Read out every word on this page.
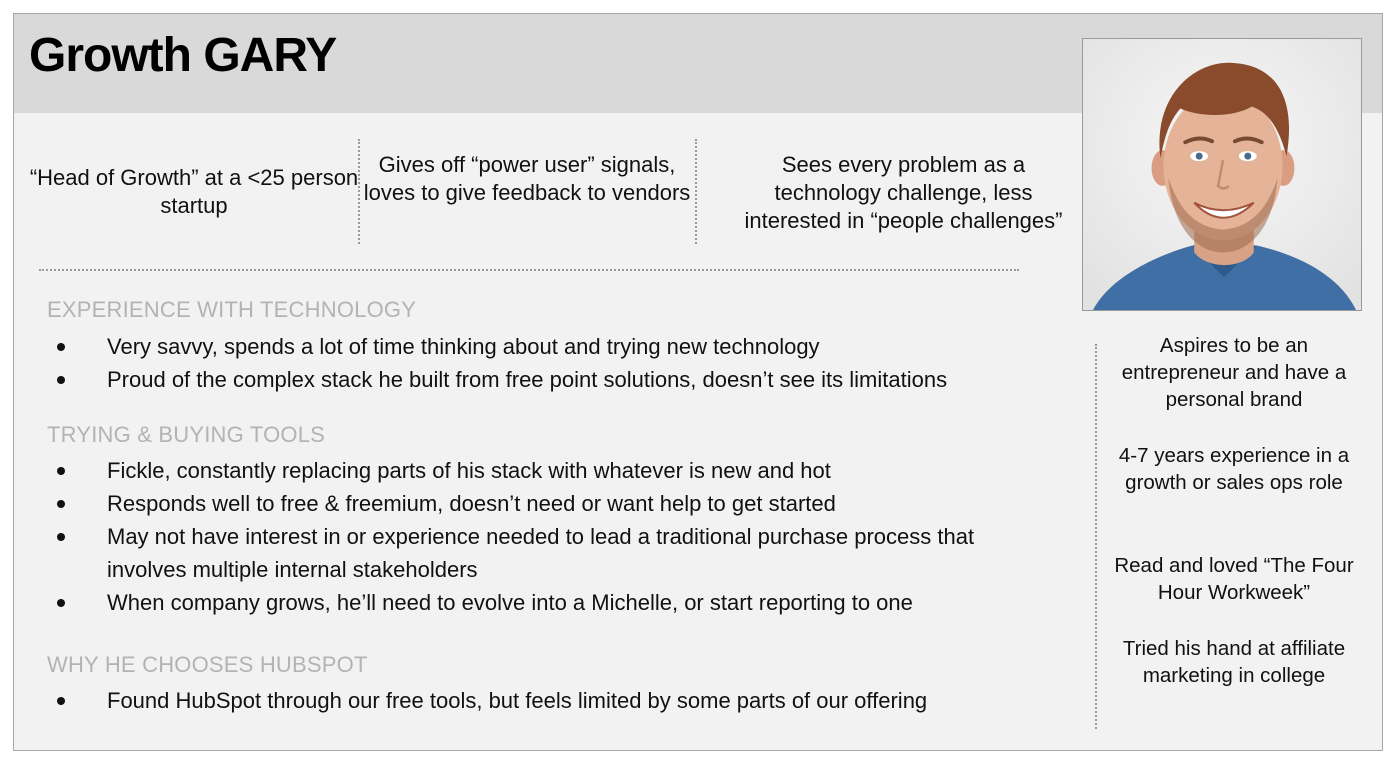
Growth GARY
“Head of Growth” at a <25 person startup
Gives off “power user” signals, loves to give feedback to vendors
Sees every problem as a technology challenge, less interested in “people challenges”
EXPERIENCE WITH TECHNOLOGY
Very savvy, spends a lot of time thinking about and trying new technology
Proud of the complex stack he built from free point solutions, doesn’t see its limitations
TRYING & BUYING TOOLS
Fickle, constantly replacing parts of his stack with whatever is new and hot
Responds well to free & freemium, doesn’t need or want help to get started
May not have interest in or experience needed to lead a traditional purchase process that involves multiple internal stakeholders
When company grows, he’ll need to evolve into a Michelle, or start reporting to one
WHY HE CHOOSES HUBSPOT
Found HubSpot through our free tools, but feels limited by some parts of our offering
Aspires to be an entrepreneur and have a personal brand
4-7 years experience in a growth or sales ops role
Read and loved “The Four Hour Workweek”
Tried his hand at affiliate marketing in college
